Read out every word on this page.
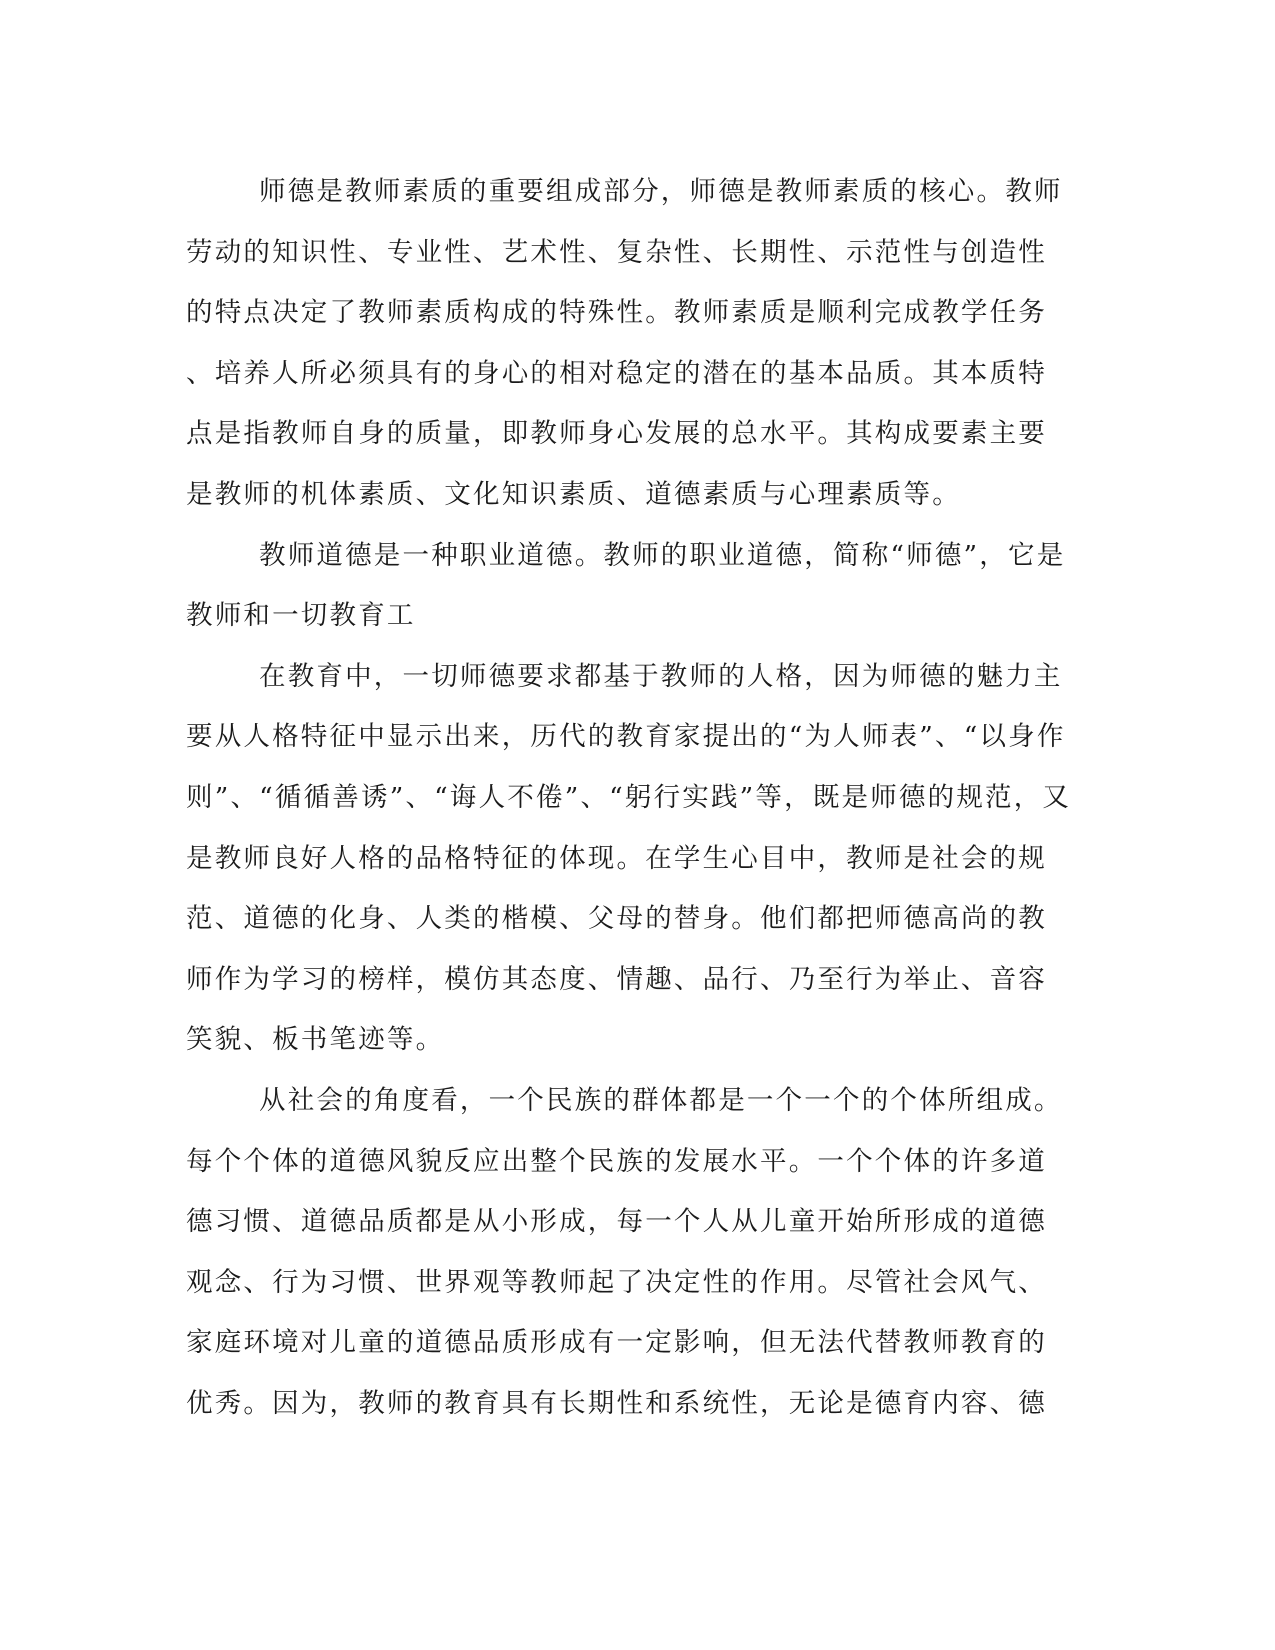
师德是教师素质的重要组成部分，师德是教师素质的核心。教师
劳动的知识性、专业性、艺术性、复杂性、长期性、示范性与创造性
的特点决定了教师素质构成的特殊性。教师素质是顺利完成教学任务
、培养人所必须具有的身心的相对稳定的潜在的基本品质。其本质特
点是指教师自身的质量，即教师身心发展的总水平。其构成要素主要
是教师的机体素质、文化知识素质、道德素质与心理素质等。
教师道德是一种职业道德。教师的职业道德，简称“师德”，它是
教师和一切教育工
在教育中，一切师德要求都基于教师的人格，因为师德的魅力主
要从人格特征中显示出来，历代的教育家提出的“为人师表”、“以身作
则”、“循循善诱”、“诲人不倦”、“躬行实践”等，既是师德的规范，又
是教师良好人格的品格特征的体现。在学生心目中，教师是社会的规
范、道德的化身、人类的楷模、父母的替身。他们都把师德高尚的教
师作为学习的榜样，模仿其态度、情趣、品行、乃至行为举止、音容
笑貌、板书笔迹等。
从社会的角度看，一个民族的群体都是一个一个的个体所组成。
每个个体的道德风貌反应出整个民族的发展水平。一个个体的许多道
德习惯、道德品质都是从小形成，每一个人从儿童开始所形成的道德
观念、行为习惯、世界观等教师起了决定性的作用。尽管社会风气、
家庭环境对儿童的道德品质形成有一定影响，但无法代替教师教育的
优秀。因为，教师的教育具有长期性和系统性，无论是德育内容、德
